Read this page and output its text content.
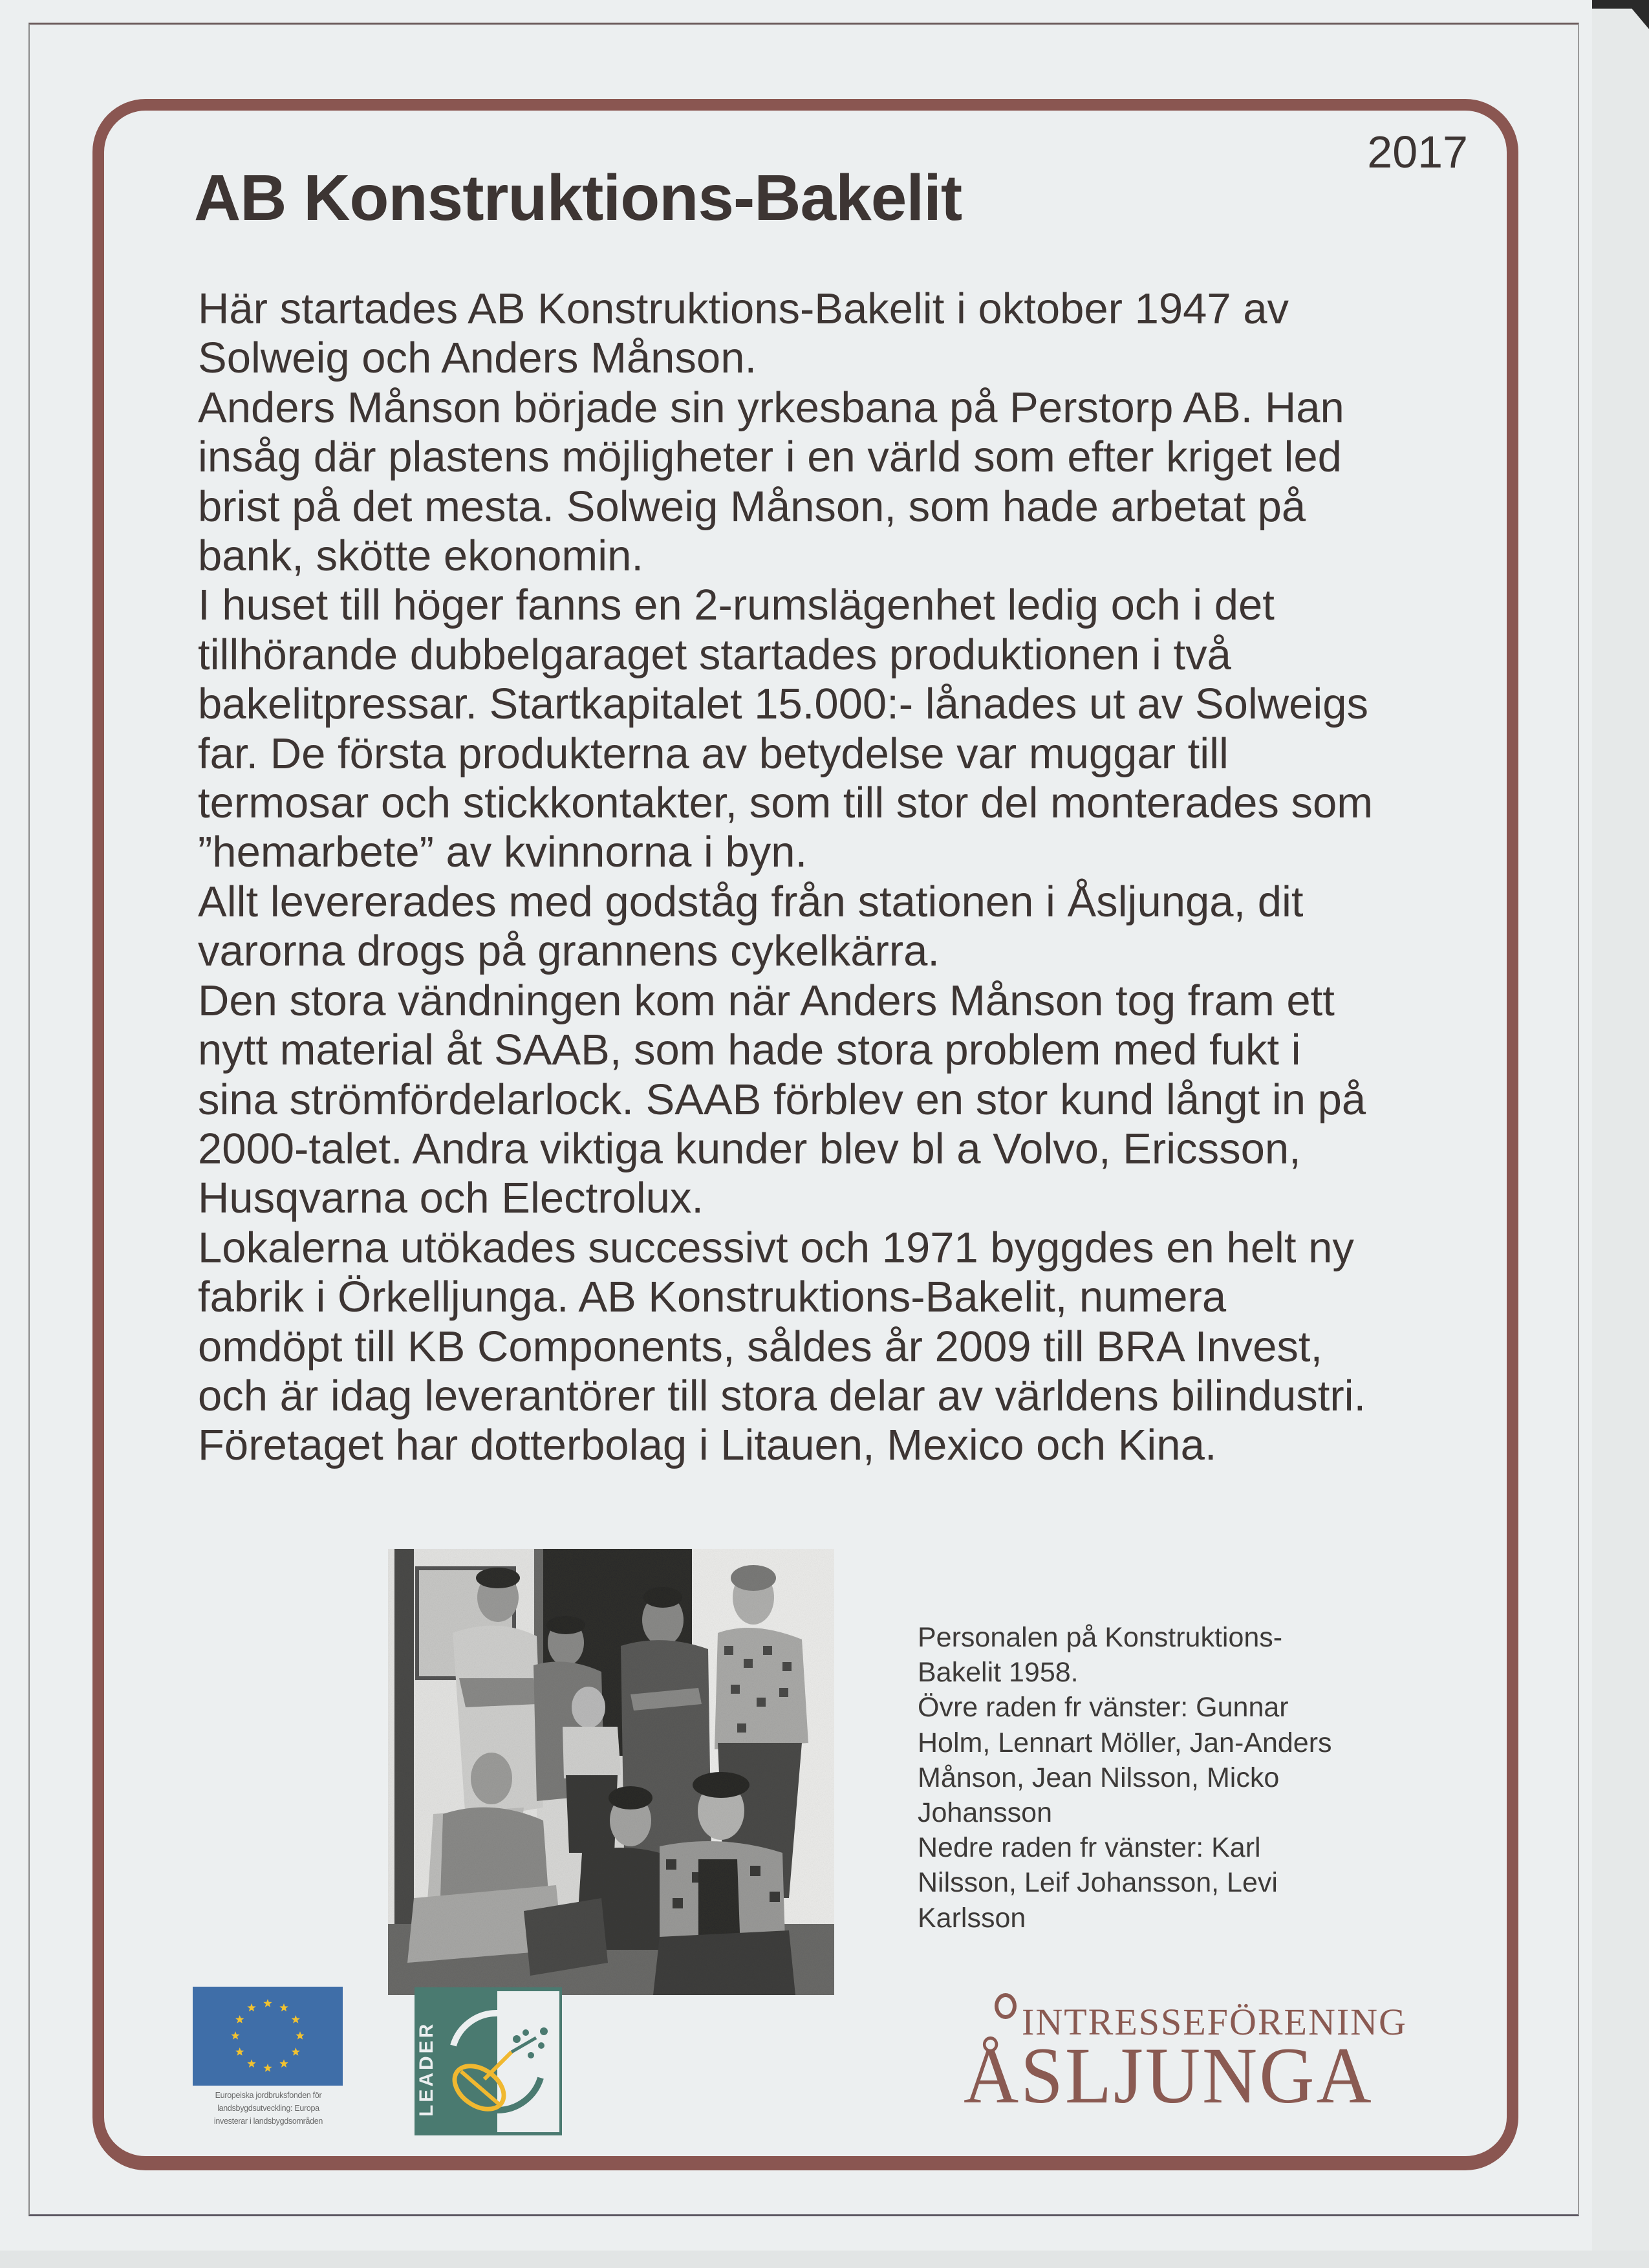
2017
AB Konstruktions-Bakelit
Här startades AB Konstruktions-Bakelit i oktober 1947 av
Solweig och Anders Månson.
Anders Månson började sin yrkesbana på Perstorp AB. Han
insåg där plastens möjligheter i en värld som efter kriget led
brist på det mesta. Solweig Månson, som hade arbetat på
bank, skötte ekonomin.
I huset till höger fanns en 2-rumslägenhet ledig och i det
tillhörande dubbelgaraget startades produktionen i två
bakelitpressar. Startkapitalet 15.000:- lånades ut av Solweigs
far. De första produkterna av betydelse var muggar till
termosar och stickkontakter, som till stor del monterades som
”hemarbete” av kvinnorna i byn.
Allt levererades med godståg från stationen i Åsljunga, dit
varorna drogs på grannens cykelkärra.
Den stora vändningen kom när Anders Månson tog fram ett
nytt material åt SAAB, som hade stora problem med fukt i
sina strömfördelarlock. SAAB förblev en stor kund långt in på
2000-talet. Andra viktiga kunder blev bl a Volvo, Ericsson,
Husqvarna och Electrolux.
Lokalerna utökades successivt och 1971 byggdes en helt ny
fabrik i Örkelljunga. AB Konstruktions-Bakelit, numera
omdöpt till KB Components, såldes år 2009 till BRA Invest,
och är idag leverantörer till stora delar av världens bilindustri.
Företaget har dotterbolag i Litauen, Mexico och Kina.
Personalen på Konstruktions-
Bakelit 1958.
Övre raden fr vänster: Gunnar
Holm, Lennart Möller, Jan-Anders
Månson, Jean Nilsson, Micko
Johansson
Nedre raden fr vänster: Karl
Nilsson, Leif Johansson, Levi
Karlsson
Europeiska jordbruksfonden för
landsbygdsutveckling: Europa
investerar i landsbygdsområden
LEADER	INTRESSEFÖRENING
ÅSLJUNGA
